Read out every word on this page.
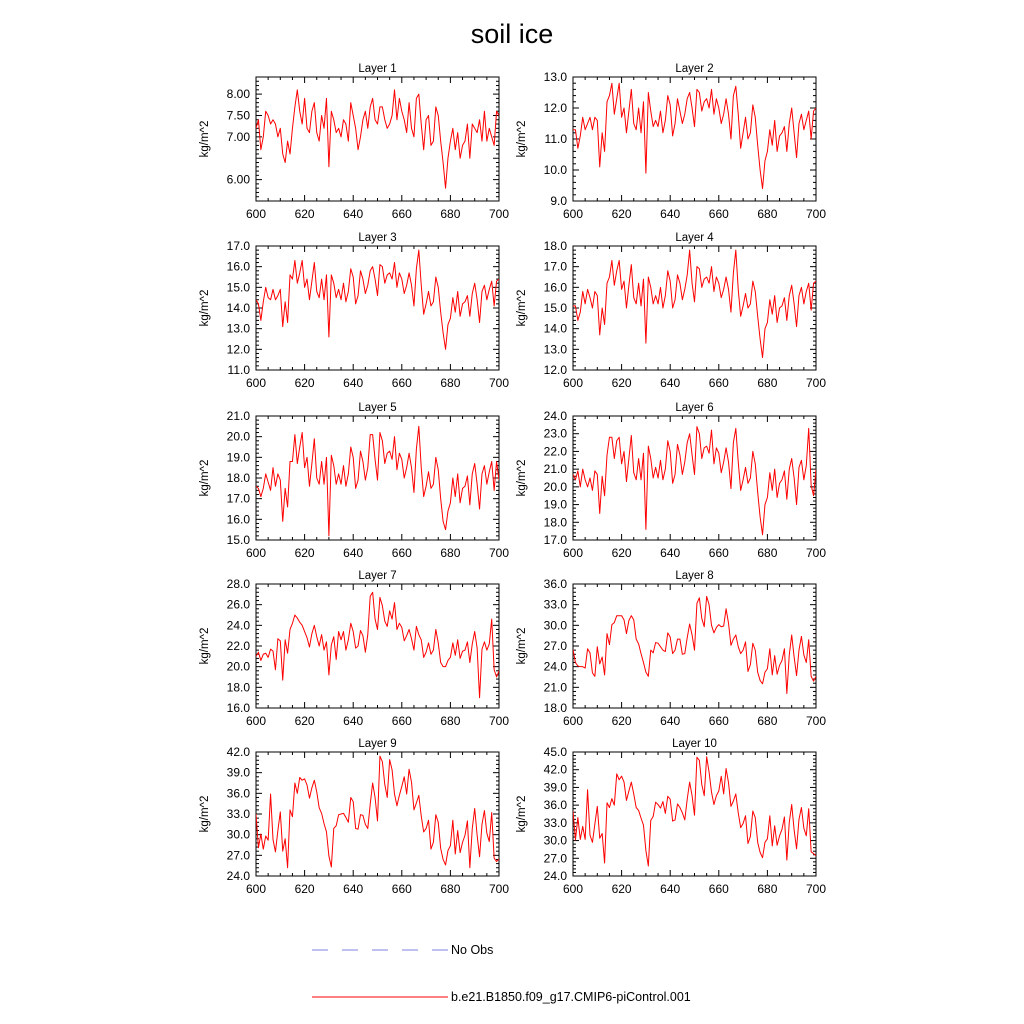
soil ice
Layer 1
600 620 640 660 680 700
6.00
7.00
7.50
8.00
kg/m^2
Layer 2
600 620 640 660 680 700
9.0
10.0
11.0
12.0
13.0
kg/m^2
Layer 3
600 620 640 660 680 700
11.0
12.0
13.0
14.0
15.0
16.0
17.0
kg/m^2
Layer 4
600 620 640 660 680 700
12.0
13.0
14.0
15.0
16.0
17.0
18.0
kg/m^2
Layer 5
600 620 640 660 680 700
15.0
16.0
17.0
18.0
19.0
20.0
21.0
kg/m^2
Layer 6
600 620 640 660 680 700
17.0
18.0
19.0
20.0
21.0
22.0
23.0
24.0
kg/m^2
Layer 7
600 620 640 660 680 700
16.0
18.0
20.0
22.0
24.0
26.0
28.0
kg/m^2
Layer 8
600 620 640 660 680 700
18.0
21.0
24.0
27.0
30.0
33.0
36.0
kg/m^2
Layer 9
600 620 640 660 680 700
24.0
27.0
30.0
33.0
36.0
39.0
42.0
kg/m^2
Layer 10
600 620 640 660 680 700
24.0
27.0
30.0
33.0
36.0
39.0
42.0
45.0
kg/m^2
No Obs
b.e21.B1850.f09_g17.CMIP6-piControl.001
